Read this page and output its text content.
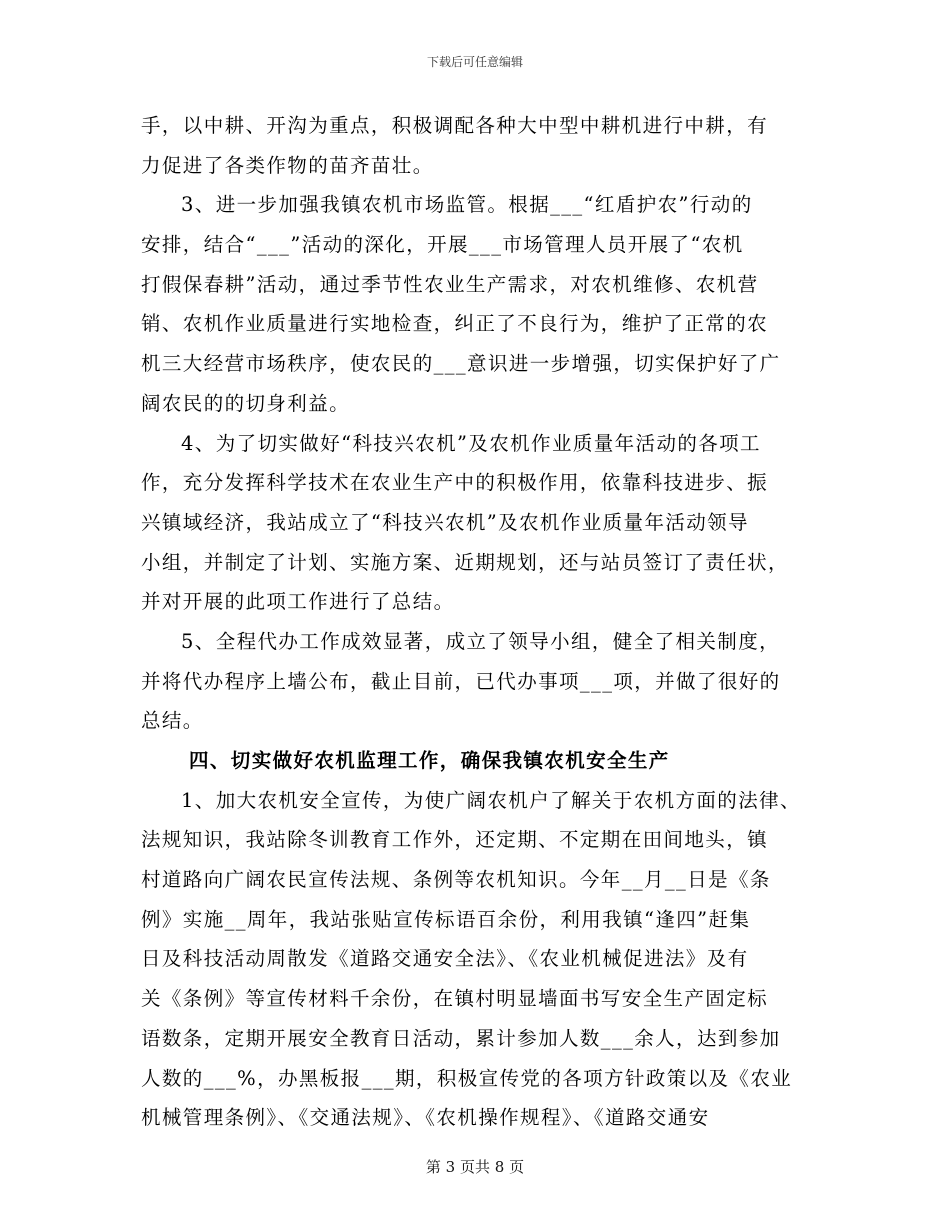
下载后可任意编辑
手，以中耕、开沟为重点，积极调配各种大中型中耕机进行中耕，有
力促进了各类作物的苗齐苗壮。
3、进一步加强我镇农机市场监管。根据___“红盾护农”行动的
安排，结合“___”活动的深化，开展___市场管理人员开展了“农机
打假保春耕”活动，通过季节性农业生产需求，对农机维修、农机营
销、农机作业质量进行实地检查，纠正了不良行为，维护了正常的农
机三大经营市场秩序，使农民的___意识进一步增强，切实保护好了广
阔农民的的切身利益。
4、为了切实做好“科技兴农机”及农机作业质量年活动的各项工
作，充分发挥科学技术在农业生产中的积极作用，依靠科技进步、振
兴镇域经济，我站成立了“科技兴农机”及农机作业质量年活动领导
小组，并制定了计划、实施方案、近期规划，还与站员签订了责任状，
并对开展的此项工作进行了总结。
5、全程代办工作成效显著，成立了领导小组，健全了相关制度，
并将代办程序上墙公布，截止目前，已代办事项___项，并做了很好的
总结。
四、切实做好农机监理工作，确保我镇农机安全生产
1、加大农机安全宣传，为使广阔农机户了解关于农机方面的法律、
法规知识，我站除冬训教育工作外，还定期、不定期在田间地头，镇
村道路向广阔农民宣传法规、条例等农机知识。今年__月__日是《条
例》实施__周年，我站张贴宣传标语百余份，利用我镇“逢四”赶集
日及科技活动周散发《道路交通安全法》、《农业机械促进法》及有
关《条例》等宣传材料千余份，在镇村明显墙面书写安全生产固定标
语数条，定期开展安全教育日活动，累计参加人数___余人，达到参加
人数的___%，办黑板报___期，积极宣传党的各项方针政策以及《农业
机械管理条例》、《交通法规》、《农机操作规程》、《道路交通安
第 3 页共 8 页
